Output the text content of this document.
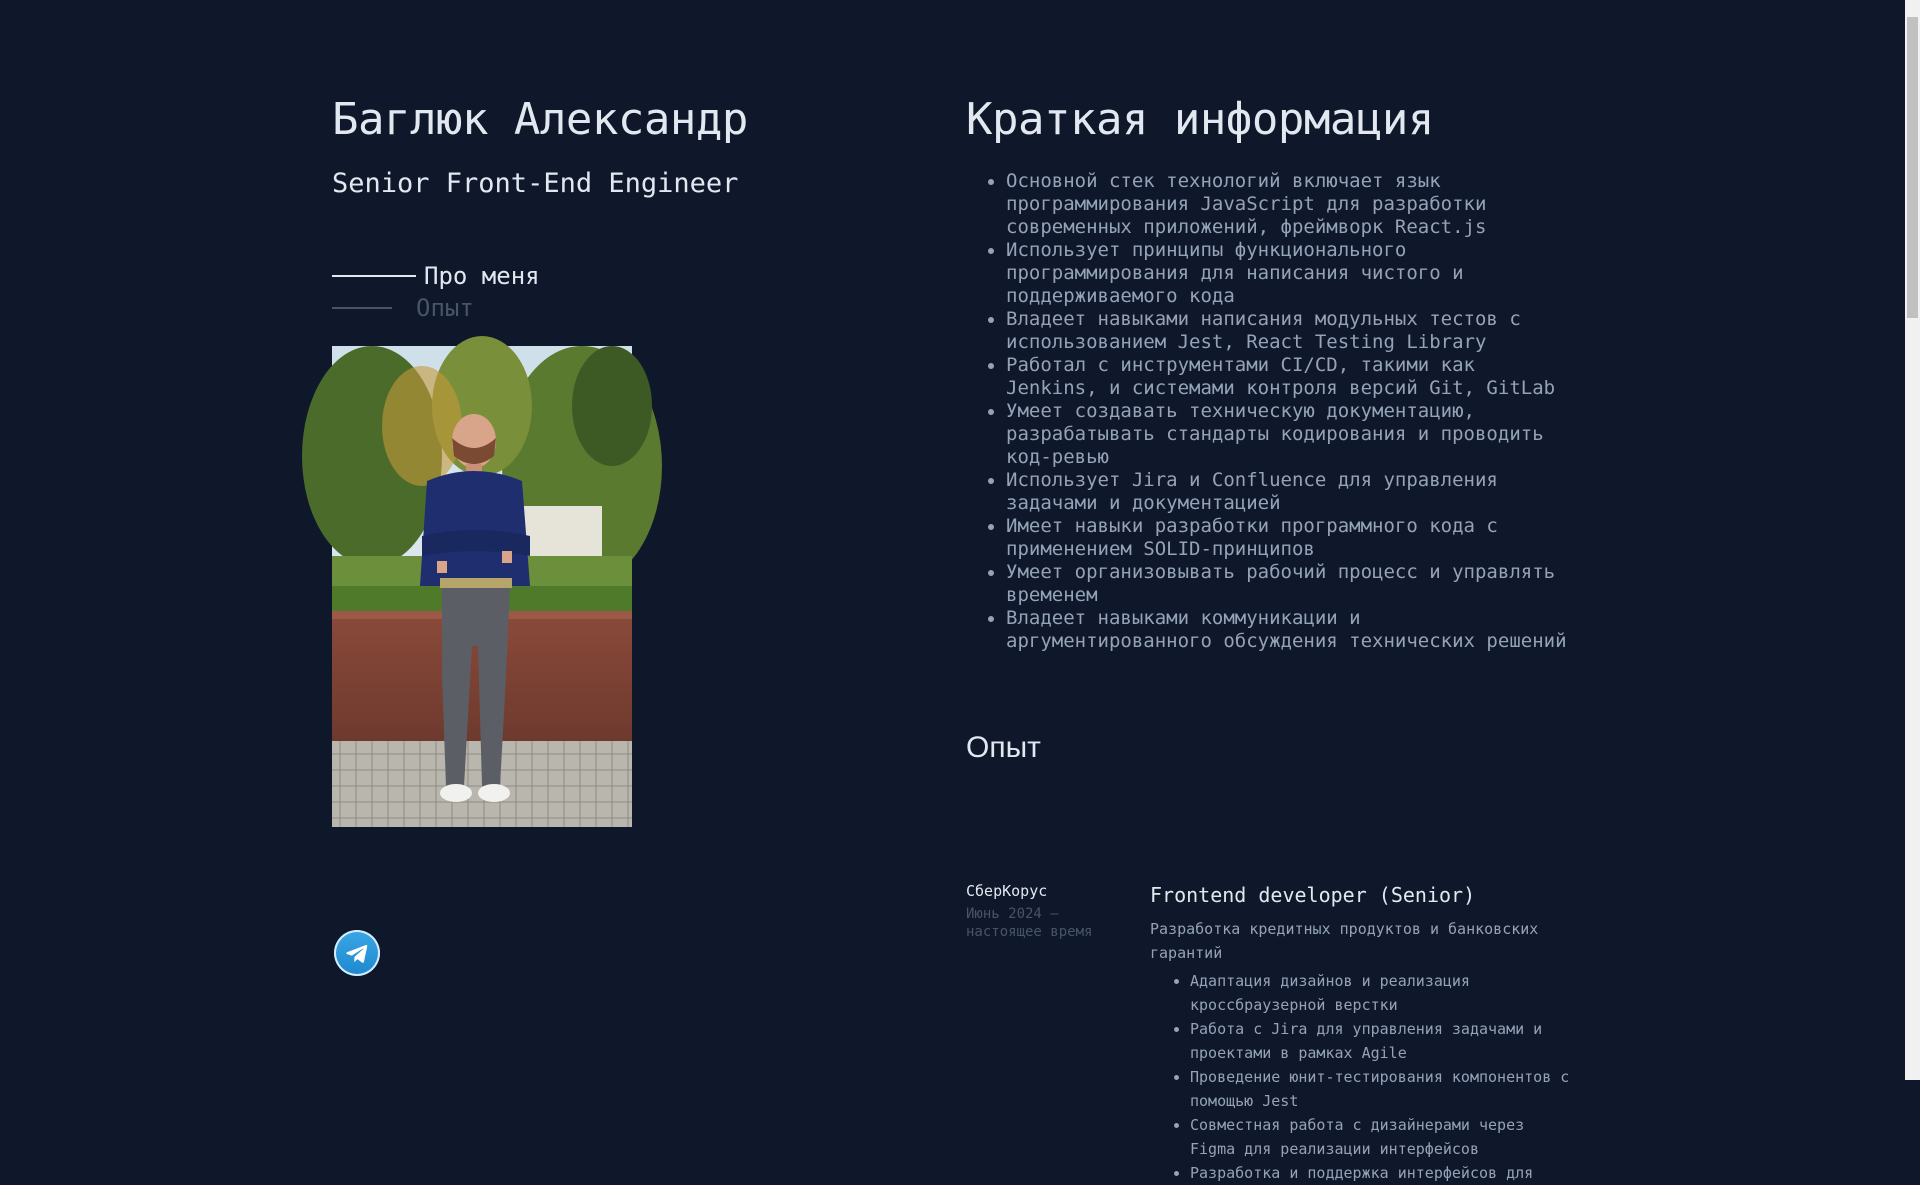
Баглюк Александр
Senior Front-End Engineer
Про меня
Опыт
Краткая информация
• Основной стек технологий включает язык программирования JavaScript для разработки современных приложений, фреймворк React.js
• Использует принципы функционального программирования для написания чистого и поддерживаемого кода
• Владеет навыками написания модульных тестов с использованием Jest, React Testing Library
• Работал с инструментами CI/CD, такими как Jenkins, и системами контроля версий Git, GitLab
• Умеет создавать техническую документацию, разрабатывать стандарты кодирования и проводить код-ревью
• Использует Jira и Confluence для управления задачами и документацией
• Имеет навыки разработки программного кода с применением SOLID-принципов
• Умеет организовывать рабочий процесс и управлять временем
• Владеет навыками коммуникации и аргументированного обсуждения технических решений
Опыт
СберКорус
Июнь 2024 — настоящее время
Frontend developer (Senior)

Разработка кредитных продуктов и банковских гарантий

• Адаптация дизайнов и реализация кроссбраузерной верстки
• Работа с Jira для управления задачами и проектами в рамках Agile
• Проведение юнит-тестирования компонентов с помощью Jest
• Совместная работа с дизайнерами через Figma для реализации интерфейсов
• Разработка и поддержка интерфейсов для
